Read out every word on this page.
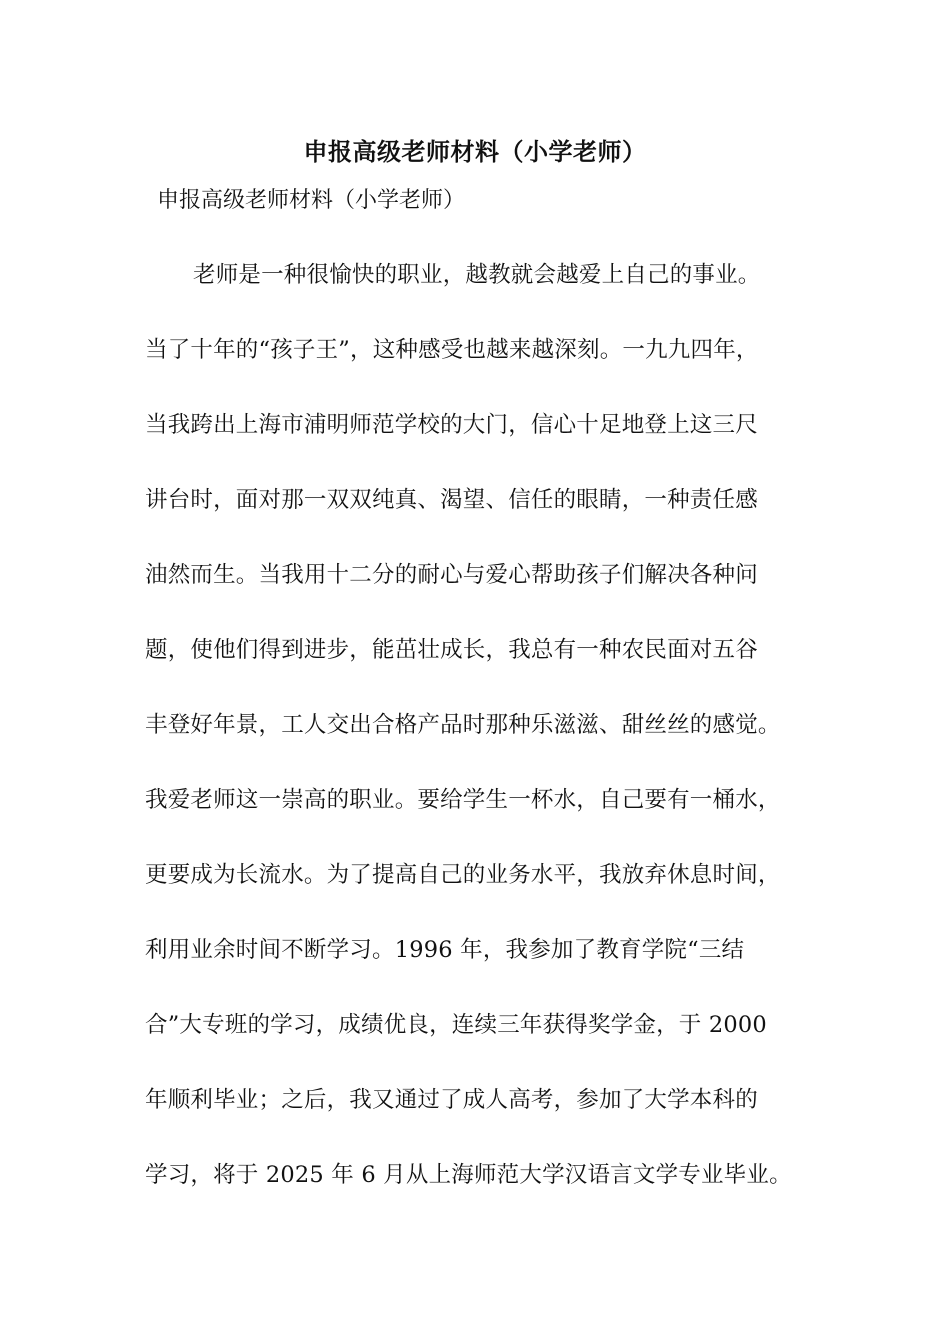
申报高级老师材料（小学老师）
申报高级老师材料（小学老师）
老师是一种很愉快的职业，越教就会越爱上自己的事业。
当了十年的“孩子王”，这种感受也越来越深刻。一九九四年，
当我跨出上海市浦明师范学校的大门，信心十足地登上这三尺
讲台时，面对那一双双纯真、渴望、信任的眼睛，一种责任感
油然而生。当我用十二分的耐心与爱心帮助孩子们解决各种问
题，使他们得到进步，能茁壮成长，我总有一种农民面对五谷
丰登好年景，工人交出合格产品时那种乐滋滋、甜丝丝的感觉。
我爱老师这一崇高的职业。要给学生一杯水，自己要有一桶水，
更要成为长流水。为了提高自己的业务水平，我放弃休息时间，
利用业余时间不断学习。1996 年，我参加了教育学院“三结
合”大专班的学习，成绩优良，连续三年获得奖学金，于 2000
年顺利毕业；之后，我又通过了成人高考，参加了大学本科的
学习，将于 2025 年 6 月从上海师范大学汉语言文学专业毕业。
